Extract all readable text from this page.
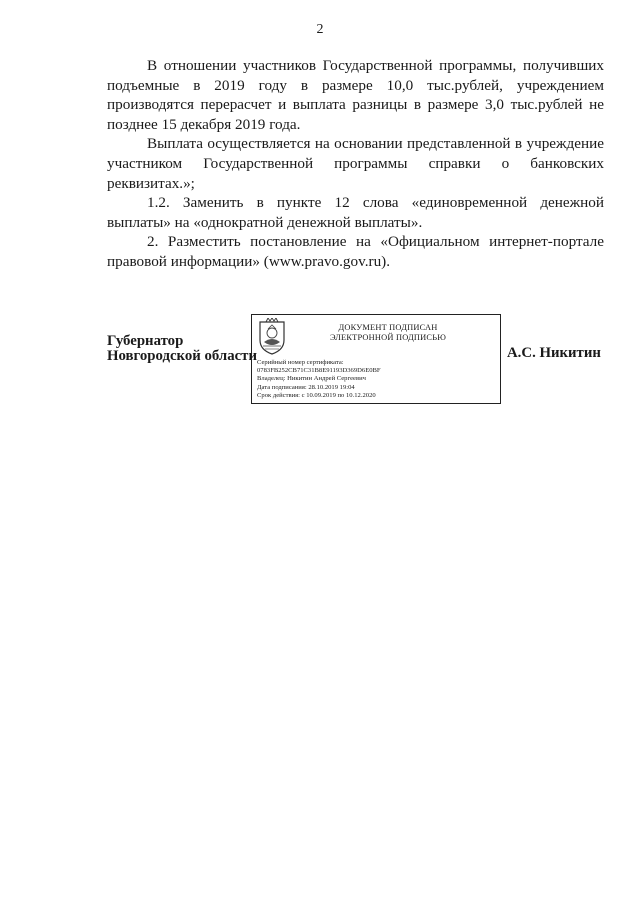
2

В отношении участников Государственной программы, получивших подъемные в 2019 году в размере 10,0 тыс.рублей, учреждением производятся перерасчет и выплата разницы в размере 3,0 тыс.рублей не позднее 15 декабря 2019 года.

Выплата осуществляется на основании представленной в учреждение участником Государственной программы справки о банковских реквизитах.»;

1.2. Заменить в пункте 12 слова «единовременной денежной выплаты» на «однократной денежной выплаты».

2. Разместить постановление на «Официальном интернет-портале правовой информации» (www.pravo.gov.ru).

Губернатор
Новгородской области
ДОКУМЕНТ ПОДПИСАН
ЭЛЕКТРОННОЙ ПОДПИСЬЮ
Серийный номер сертификата:
0783FB252CB71C31B8E91193D369D6E0BF
Владелец: Никитин Андрей Сергеевич
Дата подписания: 28.10.2019 19:04
Срок действия: с 10.09.2019 по 10.12.2020
А.С. Никитин
